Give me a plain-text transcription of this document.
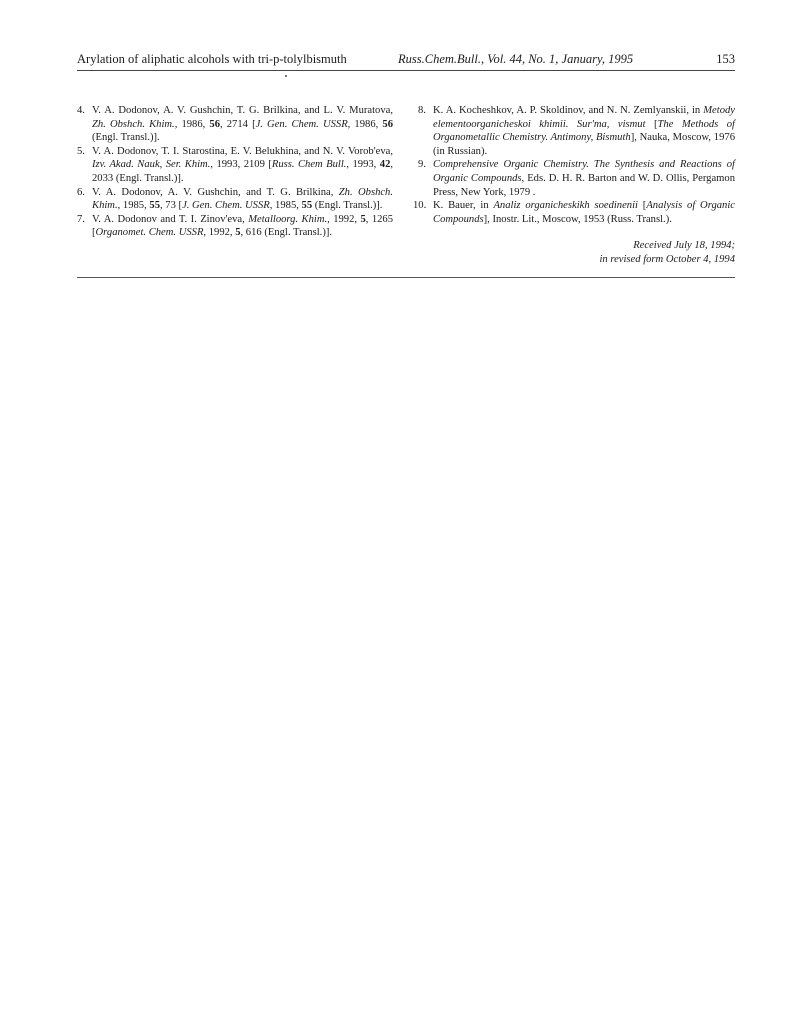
Arylation of aliphatic alcohols with tri-p-tolylbismuth	Russ.Chem.Bull., Vol. 44, No. 1, January, 1995	153

4. V. A. Dodonov, A. V. Gushchin, T. G. Brilkina, and L. V. Muratova, Zh. Obshch. Khim., 1986, 56, 2714 [J. Gen. Chem. USSR, 1986, 56 (Engl. Transl.)].

5. V. A. Dodonov, T. I. Starostina, E. V. Belukhina, and N. V. Vorob'eva, Izv. Akad. Nauk, Ser. Khim., 1993, 2109 [Russ. Chem Bull., 1993, 42, 2033 (Engl. Transl.)].

6. V. A. Dodonov, A. V. Gushchin, and T. G. Brilkina, Zh. Obshch. Khim., 1985, 55, 73 [J. Gen. Chem. USSR, 1985, 55 (Engl. Transl.)].

7. V. A. Dodonov and T. I. Zinov'eva, Metalloorg. Khim., 1992, 5, 1265 [Organomet. Chem. USSR, 1992, 5, 616 (Engl. Transl.)].

8. K. A. Kocheshkov, A. P. Skoldinov, and N. N. Zemlyanskii, in Metody elementoorganicheskoi khimii. Sur'ma, vismut [The Methods of Organometallic Chemistry. Antimony, Bismuth], Nauka, Moscow, 1976 (in Russian).

9. Comprehensive Organic Chemistry. The Synthesis and Reactions of Organic Compounds, Eds. D. H. R. Barton and W. D. Ollis, Pergamon Press, New York, 1979 .

10. K. Bauer, in Analiz organicheskikh soedinenii [Analysis of Organic Compounds], Inostr. Lit., Moscow, 1953 (Russ. Transl.).

Received July 18, 1994;
in revised form October 4, 1994
